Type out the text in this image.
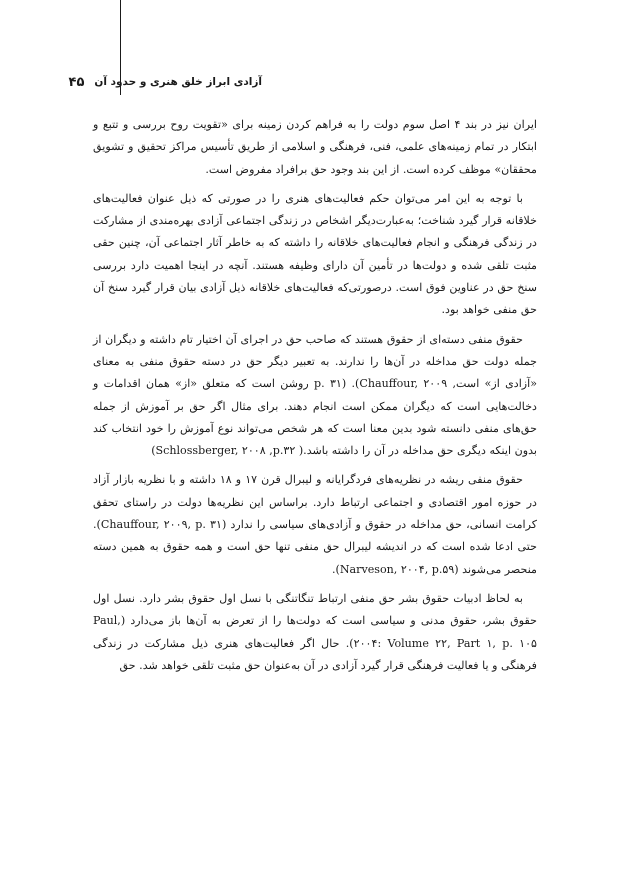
آزادی ابراز خلق هنری و حدود آن
۴۵

ایران نیز در بند ۴ اصل سوم دولت را به فراهم کردن زمینه برای «تقویت روح بررسی و تتبع و ابتکار در تمام زمینه‌های علمی، فنی، فرهنگی و اسلامی از طریق تأسیس مراکز تحقیق و تشویق محققان» موظف کرده است. از این بند وجود حق برافراد مفروض است.

با توجه به این امر می‌توان حکم فعالیت‌های هنری را در صورتی که ذیل عنوان فعالیت‌های خلاقانه قرار گیرد شناخت؛ به‌عبارت‌دیگر اشخاص در زندگی اجتماعی آزادی بهره‌مندی از مشارکت در زندگی فرهنگی و انجام فعالیت‌های خلاقانه را داشته که به خاطر آثار اجتماعی آن، چنین حقی مثبت تلقی شده و دولت‌ها در تأمین آن دارای وظیفه هستند. آنچه در اینجا اهمیت دارد بررسی سنخ حق در عناوین فوق است. درصورتی‌که فعالیت‌های خلاقانه ذیل آزادی بیان قرار گیرد سنخ آن حق منفی خواهد بود.

حقوق منفی دسته‌ای از حقوق هستند که صاحب حق در اجرای آن اختیار تام داشته و دیگران از جمله دولت حق مداخله در آن‌ها را ندارند. به تعبیر دیگر حق در دسته حقوق منفی به معنای «آزادی از» است, p. ۳۱) .(Chauffour, ۲۰۰۹ روشن است که متعلق «از» همان اقدامات و دخالت‌هایی است که دیگران ممکن است انجام دهند. برای مثال اگر حق بر آموزش از جمله حق‌های منفی دانسته شود بدین معنا است که هر شخص می‌تواند نوع آموزش را خود انتخاب کند بدون اینکه دیگری حق مداخله در آن را داشته باشد.( Schlossberger, ۲۰۰۸ ,p.۳۲)

حقوق منفی ریشه در نظریه‌های فردگرایانه و لیبرال قرن ۱۷ و ۱۸ داشته و با نظریه بازار آزاد در حوزه امور اقتصادی و اجتماعی ارتباط دارد. براساس این نظریه‌ها دولت در راستای تحقق کرامت انسانی، حق مداخله در حقوق و آزادی‌های سیاسی را ندارد (Chauffour, ۲۰۰۹, p. ۳۱). حتی ادعا شده است که در اندیشه لیبرال حق منفی تنها حق است و همه حقوق به همین دسته منحصر می‌شوند (Narveson, ۲۰۰۴, p.۵۹).

به لحاظ ادبیات حقوق بشر حق منفی ارتباط تنگاتنگی با نسل اول حقوق بشر دارد. نسل اول حقوق بشر، حقوق مدنی و سیاسی است که دولت‌ها را از تعرض به آن‌ها باز می‌دارد (Paul, ۲۰۰۴: Volume ۲۲, Part ۱, p. ۱۰۵). حال اگر فعالیت‌های هنری ذیل مشارکت در زندگی فرهنگی و یا فعالیت فرهنگی قرار گیرد آزادی در آن به‌عنوان حق مثبت تلقی خواهد شد. حق
